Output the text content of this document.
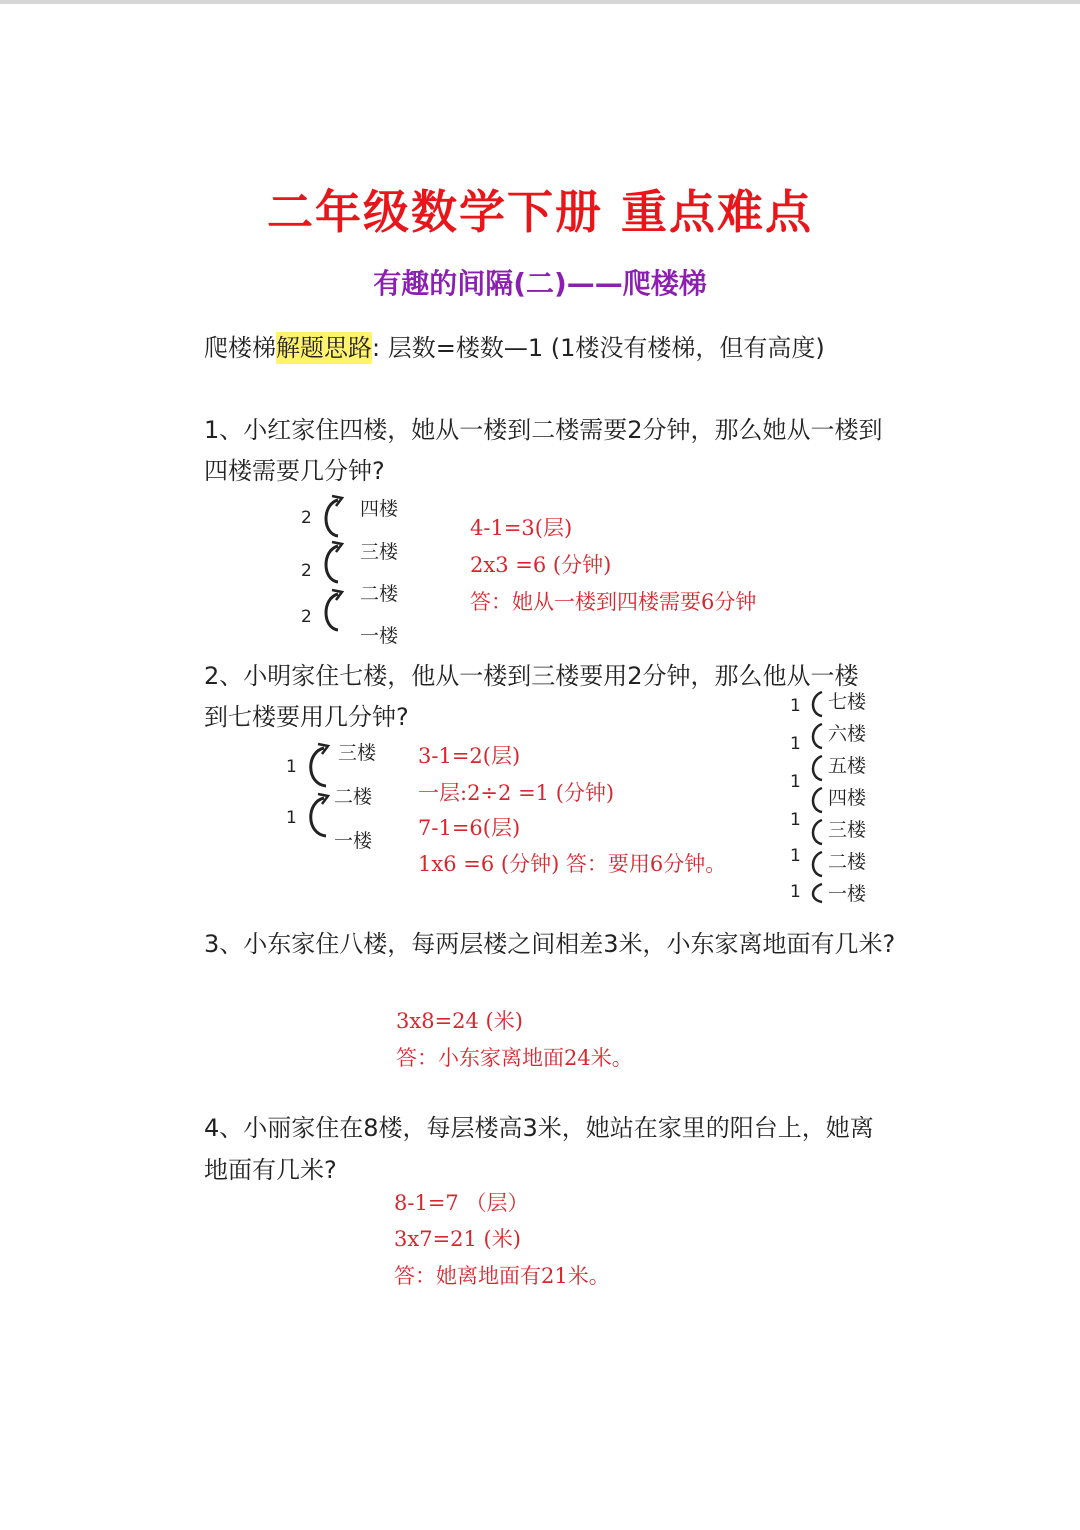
二年级数学下册 重点难点
有趣的间隔(二)——爬楼梯
爬楼梯解题思路: 层数=楼数—1 (1楼没有楼梯，但有高度)
1、小红家住四楼，她从一楼到二楼需要2分钟，那么她从一楼到
四楼需要几分钟?
2
2
2
四楼
三楼
二楼
一楼
4-1=3(层)
2x3 =6 (分钟)
答：她从一楼到四楼需要6分钟
2、小明家住七楼，他从一楼到三楼要用2分钟，那么他从一楼
到七楼要用几分钟?
1
1
三楼
二楼
一楼
3-1=2(层)
一层:2÷2 =1 (分钟)
7-1=6(层)
1x6 =6 (分钟) 答：要用6分钟。
1
1
1
1
1
1
七楼
六楼
五楼
四楼
三楼
二楼
一楼
3、小东家住八楼，每两层楼之间相差3米，小东家离地面有几米?
3x8=24 (米)
答：小东家离地面24米。
4、小丽家住在8楼，每层楼高3米，她站在家里的阳台上，她离
地面有几米?
8-1=7 （层）
3x7=21 (米)
答：她离地面有21米。
